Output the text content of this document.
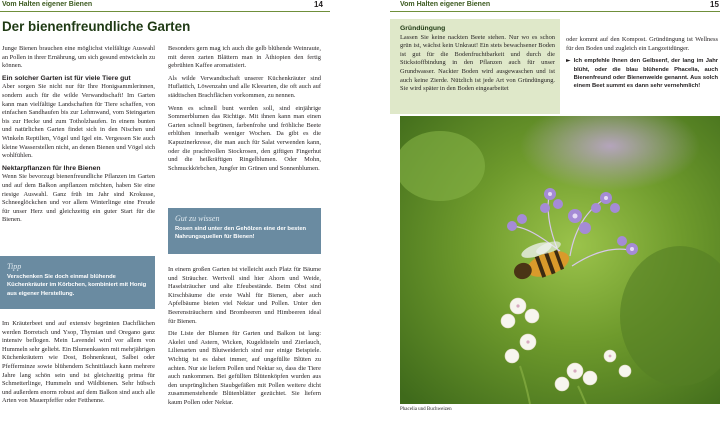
Vom Halten eigener Bienen	14
Der bienenfreundliche Garten

Junge Bienen brauchen eine möglichst vielfältige Auswahl an Pollen in ihrer Ernährung, um sich gesund entwickeln zu können.

Ein solcher Garten ist für viele Tiere gut

Aber sorgen Sie nicht nur für Ihre Honigsammlerinnen, sondern auch für die wilde Verwandtschaft! Im Garten kann man vielfältige Landschaften für Tiere schaffen, von einfachen Sandhaufen bis zur Lehmwand, vom Steingarten bis zur Hecke und zum Totholzhaufen. In einem bunten und natürlichen Garten findet sich in den Nischen und Winkeln Reptilien, Vögel und Igel ein. Vergessen Sie auch kleine Wasserstellen nicht, an denen Bienen und Vögel sich wohlfühlen.

Nektarpflanzen für Ihre Bienen

Wenn Sie bevorzugt bienenfreundliche Pflanzen im Garten und auf dem Balkon anpflanzen möchten, haben Sie eine riesige Auswahl. Ganz früh im Jahr sind Krokusse, Schneeglöckchen und vor allem Winterlinge eine Freude für unser Herz und gleichzeitig ein guter Start für die Bienen.

Tipp
Verschenken Sie doch einmal blühende Küchenkräuter im Körbchen, kombiniert mit Honig aus eigener Herstellung.

Im Kräuterbeet und auf extensiv begrünten Dachflächen werden Borretsch und Ysop, Thymian und Oregano ganz intensiv beflogen. Mein Lavendel wird vor allem von Hummeln sehr geliebt. Ein Blumenkasten mit mehrjährigen Küchenkräutern wie Dost, Bohnenkraut, Salbei oder Pfefferminze sowie blühendem Schnittlauch kann mehrere Jahre lang schön sein und ist gleichzeitig prima für Schmetterlinge, Hummeln und Wildbienen. Sehr hübsch und außerdem enorm robust auf dem Balkon sind auch alle Arten von Mauerpfeffer oder Fetthenne.

Besonders gern mag ich auch die gelb blühende Weinraute, mit deren zarten Blättern man in Äthiopien den fertig gebrühten Kaffee aromatisiert.

Als wilde Verwandtschaft unserer Küchenkräuter sind Huflattich, Löwenzahn und alle Kleearten, die oft auch auf städtischen Brachflächen vorkommen, zu nennen.

Wenn es schnell bunt werden soll, sind einjährige Sommerblumen das Richtige. Mit ihnen kann man einen Garten schnell begrünen, farbenfrohe und fröhliche Beete erblühen innerhalb weniger Wochen. Da gibt es die Kapuzinerkresse, die man auch für Salat verwenden kann, oder die prachtvollen Stockrosen, den giftigen Fingerhut und die heilkräftigen Ringelblumen. Oder Mohn, Schmuckkörbchen, Jungfer im Grünen und Sonnenblumen.

Gut zu wissen
Rosen sind unter den Gehölzen eine der besten Nahrungsquellen für Bienen!

In einem großen Garten ist vielleicht auch Platz für Bäume und Sträucher. Wertvoll sind hier Ahorn und Weide, Haselsträucher und alte Efeubestände. Beim Obst sind Kirschbäume die erste Wahl für Bienen, aber auch Apfelbäume bieten viel Nektar und Pollen. Unter den Beerensträuchern sind Brombeeren und Himbeeren ideal für Bienen.

Die Liste der Blumen für Garten und Balkon ist lang: Akelei und Astern, Wicken, Kugeldisteln und Zierlauch, Lilienarten und Blutweiderich sind nur einige Beispiele. Wichtig ist es dabei immer, auf ungefüllte Blüten zu achten. Nur sie liefern Pollen und Nektar so, dass die Tiere auch rankommen. Bei gefüllten Blütenköpfen wurden aus den ursprünglichen Staubgefäßen mit Pollen weitere dicht zusammenstehende Blütenblätter gezüchtet. Sie liefern kaum Pollen oder Nektar.

Vom Halten eigener Bienen	15
Gründüngung

Lassen Sie keine nackten Beete stehen. Nur wo es schon grün ist, wächst kein Unkraut! Ein stets bewachsener Boden ist gut für die Bodenfruchtbarkeit und durch die Stickstoffbindung in den Pflanzen auch für unser Grundwasser. Nackter Boden wird ausgewaschen und ist auch keine Zierde. Nützlich ist jede Art von Gründüngung. Sie wird später in den Boden eingearbeitet

oder kommt auf den Kompost. Gründüngung ist Wellness für den Boden und zugleich ein Langzeitdünger.

► Ich empfehle Ihnen den Gelbsenf, der lang im Jahr blüht, oder die blau blühende Phacelia, auch Bienenfreund oder Bienenweide genannt. Aus solch einem Beet summt es dann sehr vernehmlich!
Phacelia und Buchweizen
